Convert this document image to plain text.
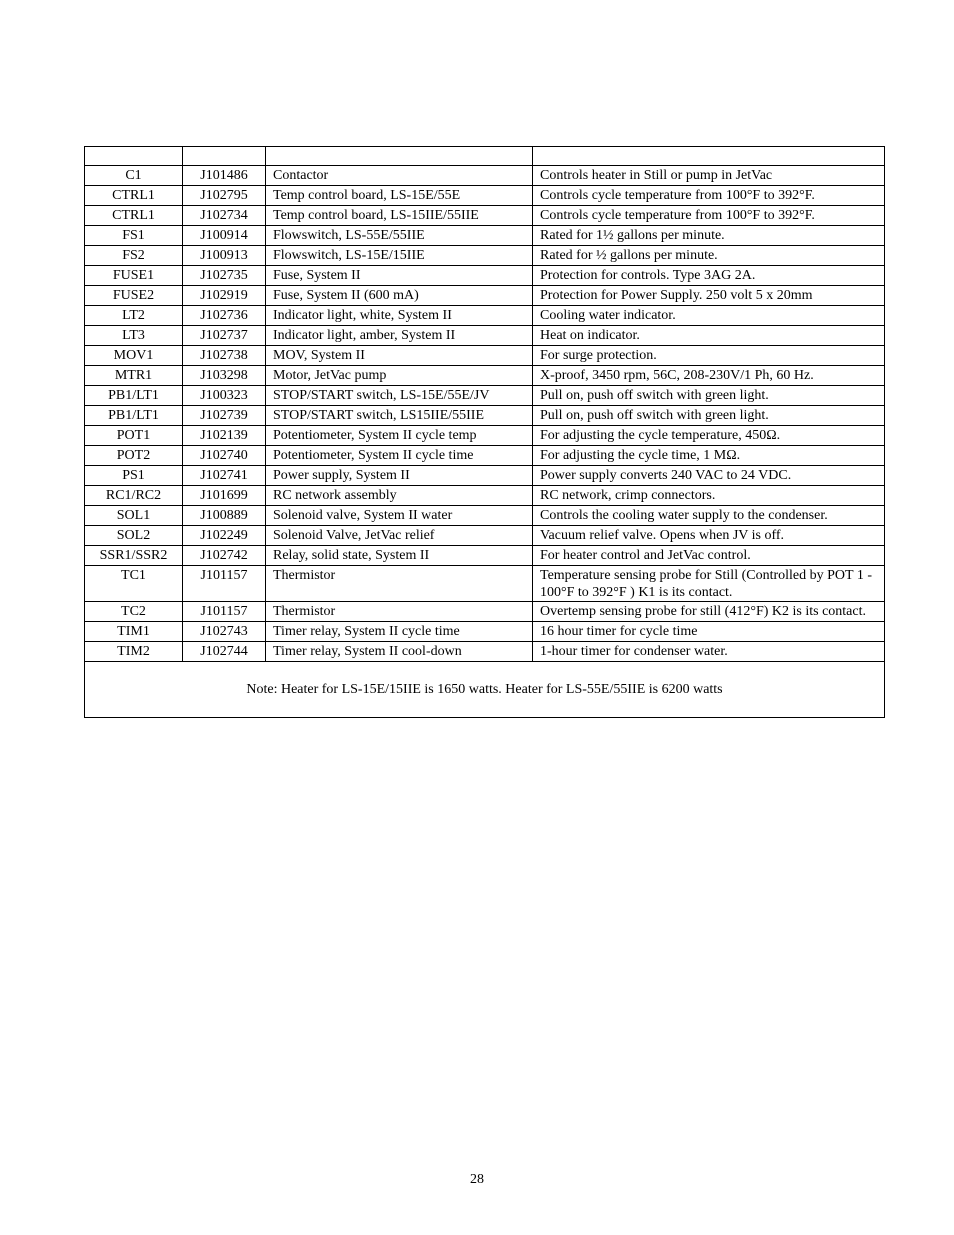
C1	J101486	Contactor	Controls heater in Still or pump in JetVac
CTRL1	J102795	Temp control board, LS-15E/55E	Controls cycle temperature from 100°F to 392°F.
CTRL1	J102734	Temp control board, LS-15IIE/55IIE	Controls cycle temperature from 100°F to 392°F.
FS1	J100914	Flowswitch, LS-55E/55IIE	Rated for 1½ gallons per minute.
FS2	J100913	Flowswitch, LS-15E/15IIE	Rated for ½ gallons per minute.
FUSE1	J102735	Fuse, System II	Protection for controls. Type 3AG 2A.
FUSE2	J102919	Fuse, System II (600 mA)	Protection for Power Supply. 250 volt 5 x 20mm
LT2	J102736	Indicator light, white, System II	Cooling water indicator.
LT3	J102737	Indicator light, amber, System II	Heat on indicator.
MOV1	J102738	MOV, System II	For surge protection.
MTR1	J103298	Motor, JetVac pump	X-proof, 3450 rpm, 56C, 208-230V/1 Ph, 60 Hz.
PB1/LT1	J100323	STOP/START switch, LS-15E/55E/JV	Pull on, push off switch with green light.
PB1/LT1	J102739	STOP/START switch, LS15IIE/55IIE	Pull on, push off switch with green light.
POT1	J102139	Potentiometer, System II cycle temp	For adjusting the cycle temperature, 450Ω.
POT2	J102740	Potentiometer, System II cycle time	For adjusting the cycle time, 1 MΩ.
PS1	J102741	Power supply, System II	Power supply converts 240 VAC to 24 VDC.
RC1/RC2	J101699	RC network assembly	RC network, crimp connectors.
SOL1	J100889	Solenoid valve, System II water	Controls the cooling water supply to the condenser.
SOL2	J102249	Solenoid Valve, JetVac relief	Vacuum relief valve. Opens when JV is off.
SSR1/SSR2	J102742	Relay, solid state, System II	For heater control and JetVac control.
TC1	J101157	Thermistor	Temperature sensing probe for Still (Controlled by POT 1 - 100°F to 392°F ) K1 is its contact.
TC2	J101157	Thermistor	Overtemp sensing probe for still (412°F) K2 is its contact.
TIM1	J102743	Timer relay, System II cycle time	16 hour timer for cycle time
TIM2	J102744	Timer relay, System II cool-down	1-hour timer for condenser water.
Note: Heater for LS-15E/15IIE is 1650 watts. Heater for LS-55E/55IIE is 6200 watts			
28
